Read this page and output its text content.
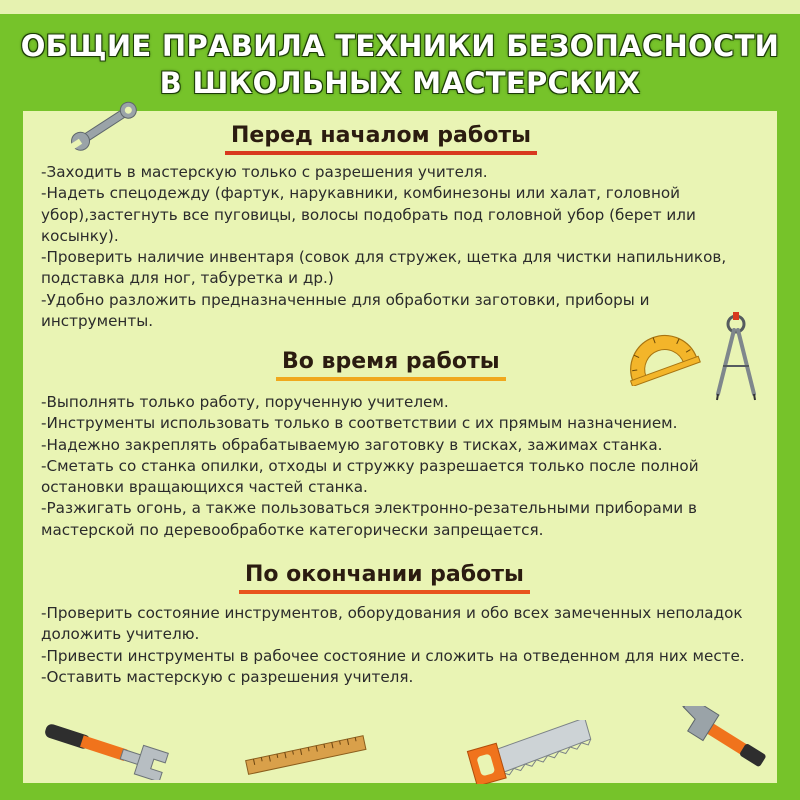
ОБЩИЕ ПРАВИЛА ТЕХНИКИ БЕЗОПАСНОСТИ
В ШКОЛЬНЫХ МАСТЕРСКИХ
Перед началом работы
-Заходить в мастерскую только с разрешения учителя.
-Надеть спецодежду (фартук, нарукавники, комбинезоны или халат, головной убор),застегнуть все пуговицы, волосы подобрать под головной убор (берет или косынку).
-Проверить наличие инвентаря (совок для стружек, щетка для чистки напильников, подставка для ног, табуретка и др.)
-Удобно разложить предназначенные для обработки заготовки, приборы и инструменты.
Во время работы
-Выполнять только работу, порученную учителем.
-Инструменты использовать только в соответствии с их прямым назначением.
-Надежно закреплять обрабатываемую заготовку в тисках, зажимах станка.
-Сметать со станка опилки, отходы и стружку разрешается только после полной остановки вращающихся частей станка.
-Разжигать огонь, а также пользоваться электронно-резательными приборами в мастерской по деревообработке категорически запрещается.
По окончании работы
-Проверить состояние инструментов, оборудования и обо всех замеченных неполадок доложить учителю.
-Привести инструменты в рабочее состояние и сложить на отведенном для них месте.
-Оставить мастерскую с разрешения учителя.
